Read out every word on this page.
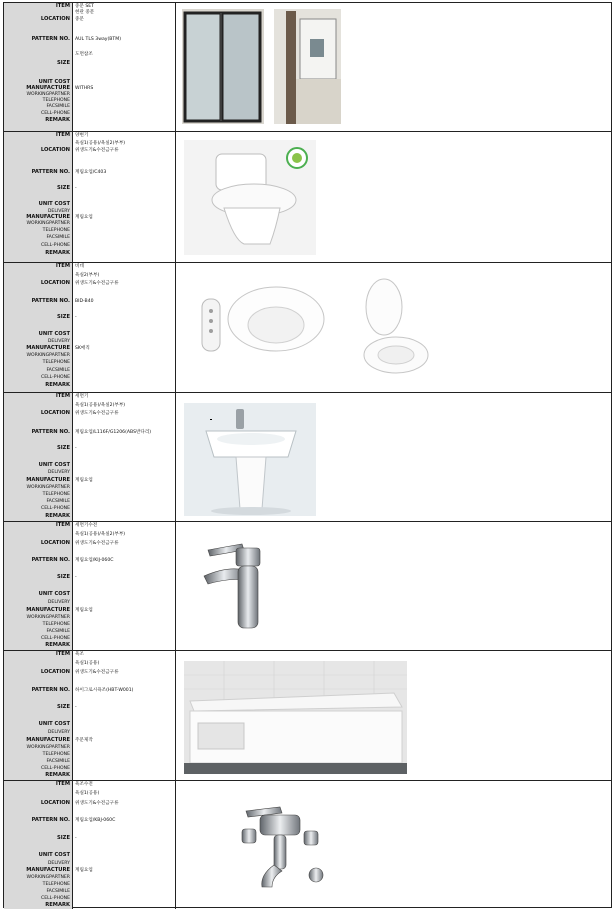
ITEM
LOCATION
PATTERN NO.
SIZE
UNIT COST
MANUFACTURE
WORKINGPARTNER
TELEPHONE
FACSIMILE
CELL-PHONE
REMARK
중문 SET
현관 중문
중문
AUL TLS 3way(BTM)
도면참조
WITHRS
ITEM
LOCATION
PATTERN NO.
SIZE
UNIT COST
DELIVERY
MANUFACTURE
WORKINGPARTNER
TELEPHONE
FACSIMILE
CELL-PHONE
REMARK
양변기
욕실1(공용)/욕실2(부부)
위생도기&수전금구류
계림요업/C403
-
계림요업
ITEM
LOCATION
PATTERN NO.
SIZE
UNIT COST
DELIVERY
MANUFACTURE
WORKINGPARTNER
TELEPHONE
FACSIMILE
CELL-PHONE
REMARK
비데
욕실2(부부)
위생도기&수전금구류
BID-B40
-
SK매직
ITEM
LOCATION
PATTERN NO.
SIZE
UNIT COST
DELIVERY
MANUFACTURE
WORKINGPARTNER
TELEPHONE
FACSIMILE
CELL-PHONE
REMARK
세면기
욕실1(공용)/욕실2(부부)
위생도기&수전금구류
계림요업/L116F/G1206(ABS반다리)
-
계림요업
ITEM
LOCATION
PATTERN NO.
SIZE
UNIT COST
DELIVERY
MANUFACTURE
WORKINGPARTNER
TELEPHONE
FACSIMILE
CELL-PHONE
REMARK
세면기수전
욕실1(공용)/욕실2(부부)
위생도기&수전금구류
계림요업/KIJ-060C
-
계림요업
ITEM
LOCATION
PATTERN NO.
SIZE
UNIT COST
DELIVERY
MANUFACTURE
WORKINGPARTNER
TELEPHONE
FACSIMILE
CELL-PHONE
REMARK
욕조
욕실1(공용)
위생도기&수전금구류
하이그로시욕조(HBT-W001)
-
주문제작
ITEM
LOCATION
PATTERN NO.
SIZE
UNIT COST
DELIVERY
MANUFACTURE
WORKINGPARTNER
TELEPHONE
FACSIMILE
CELL-PHONE
REMARK
욕조수전
욕실1(공용)
위생도기&수전금구류
계림요업/KBJ-060C
-
계림요업
